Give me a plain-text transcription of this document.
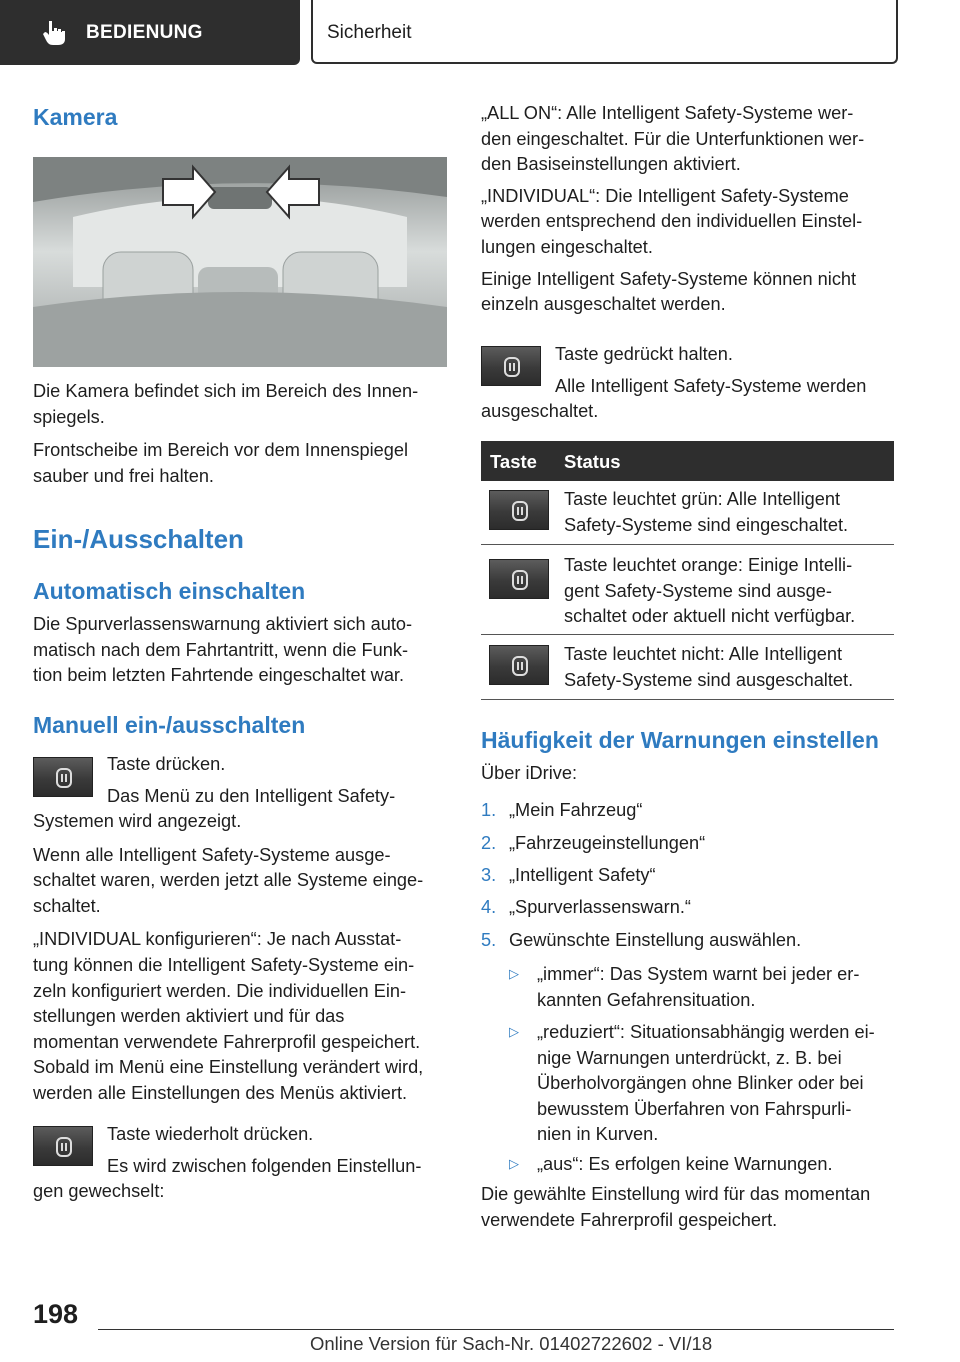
BEDIENUNG	Sicherheit
Kamera

Die Kamera befindet sich im Bereich des Innen-

spiegels.

Frontscheibe im Bereich vor dem Innenspiegel

sauber und frei halten.

Ein-/Ausschalten
Automatisch einschalten

Die Spurverlassenswarnung aktiviert sich auto-

matisch nach dem Fahrtantritt, wenn die Funk-

tion beim letzten Fahrtende eingeschaltet war.

Manuell ein-/ausschalten

Taste drücken.

Das Menü zu den Intelligent Safety-

Systemen wird angezeigt.

Wenn alle Intelligent Safety-Systeme ausge-

schaltet waren, werden jetzt alle Systeme einge-

schaltet.

„INDIVIDUAL konfigurieren“: Je nach Ausstat-

tung können die Intelligent Safety-Systeme ein-

zeln konfiguriert werden. Die individuellen Ein-

stellungen werden aktiviert und für das

momentan verwendete Fahrerprofil gespeichert.

Sobald im Menü eine Einstellung verändert wird,

werden alle Einstellungen des Menüs aktiviert.

Taste wiederholt drücken.

Es wird zwischen folgenden Einstellun-

gen gewechselt:

„ALL ON“: Alle Intelligent Safety-Systeme wer-

den eingeschaltet. Für die Unterfunktionen wer-

den Basiseinstellungen aktiviert.

„INDIVIDUAL“: Die Intelligent Safety-Systeme

werden entsprechend den individuellen Einstel-

lungen eingeschaltet.

Einige Intelligent Safety-Systeme können nicht

einzeln ausgeschaltet werden.

Taste gedrückt halten.

Alle Intelligent Safety-Systeme werden

ausgeschaltet.

Taste Status
Taste leuchtet grün: Alle Intelligent
Safety-Systeme sind eingeschaltet.
Taste leuchtet orange: Einige Intelli-
gent Safety-Systeme sind ausge-
schaltet oder aktuell nicht verfügbar.
Taste leuchtet nicht: Alle Intelligent
Safety-Systeme sind ausgeschaltet.
Häufigkeit der Warnungen einstellen

Über iDrive:

1. „Mein Fahrzeug“
2. „Fahrzeugeinstellungen“
3. „Intelligent Safety“
4. „Spurverlassenswarn.“
5. Gewünschte Einstellung auswählen.
▷ „immer“: Das System warnt bei jeder er-

kannten Gefahrensituation.

▷ „reduziert“: Situationsabhängig werden ei-

nige Warnungen unterdrückt, z. B. bei

Überholvorgängen ohne Blinker oder bei

bewusstem Überfahren von Fahrspurli-

nien in Kurven.

▷ „aus“: Es erfolgen keine Warnungen.

Die gewählte Einstellung wird für das momentan

verwendete Fahrerprofil gespeichert.

198
Online Version für Sach-Nr. 01402722602 - VI/18
